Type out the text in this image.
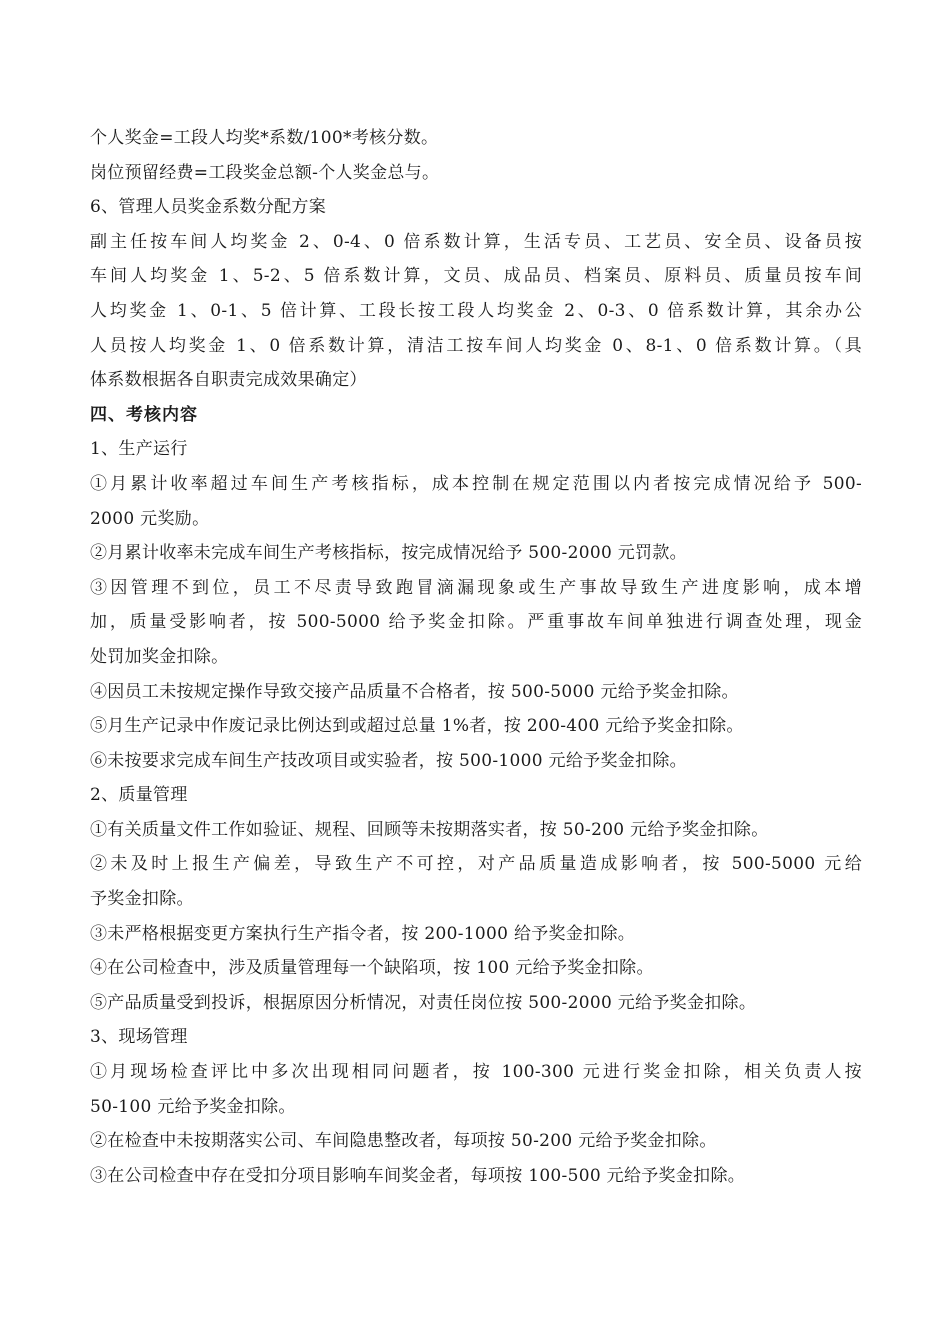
个人奖金=工段人均奖*系数/100*考核分数。

岗位预留经费=工段奖金总额-个人奖金总与。

6、管理人员奖金系数分配方案

副主任按车间人均奖金 2、0-4、0 倍系数计算，生活专员、工艺员、安全员、设备员按

车间人均奖金 1、5-2、5 倍系数计算，文员、成品员、档案员、原料员、质量员按车间

人均奖金 1、0-1、5 倍计算、工段长按工段人均奖金 2、0-3、0 倍系数计算，其余办公

人员按人均奖金 1、0 倍系数计算，清洁工按车间人均奖金 0、8-1、0 倍系数计算。（具

体系数根据各自职责完成效果确定）

四、考核内容

1、生产运行

①月累计收率超过车间生产考核指标，成本控制在规定范围以内者按完成情况给予 500-

2000 元奖励。

②月累计收率未完成车间生产考核指标，按完成情况给予 500-2000 元罚款。

③因管理不到位，员工不尽责导致跑冒滴漏现象或生产事故导致生产进度影响，成本增

加，质量受影响者，按 500-5000 给予奖金扣除。严重事故车间单独进行调查处理，现金

处罚加奖金扣除。

④因员工未按规定操作导致交接产品质量不合格者，按 500-5000 元给予奖金扣除。

⑤月生产记录中作废记录比例达到或超过总量 1%者，按 200-400 元给予奖金扣除。

⑥未按要求完成车间生产技改项目或实验者，按 500-1000 元给予奖金扣除。

2、质量管理

①有关质量文件工作如验证、规程、回顾等未按期落实者，按 50-200 元给予奖金扣除。

②未及时上报生产偏差，导致生产不可控，对产品质量造成影响者，按 500-5000 元给

予奖金扣除。

③未严格根据变更方案执行生产指令者，按 200-1000 给予奖金扣除。

④在公司检查中，涉及质量管理每一个缺陷项，按 100 元给予奖金扣除。

⑤产品质量受到投诉，根据原因分析情况，对责任岗位按 500-2000 元给予奖金扣除。

3、现场管理

①月现场检查评比中多次出现相同问题者，按 100-300 元进行奖金扣除，相关负责人按

50-100 元给予奖金扣除。

②在检查中未按期落实公司、车间隐患整改者，每项按 50-200 元给予奖金扣除。

③在公司检查中存在受扣分项目影响车间奖金者，每项按 100-500 元给予奖金扣除。
